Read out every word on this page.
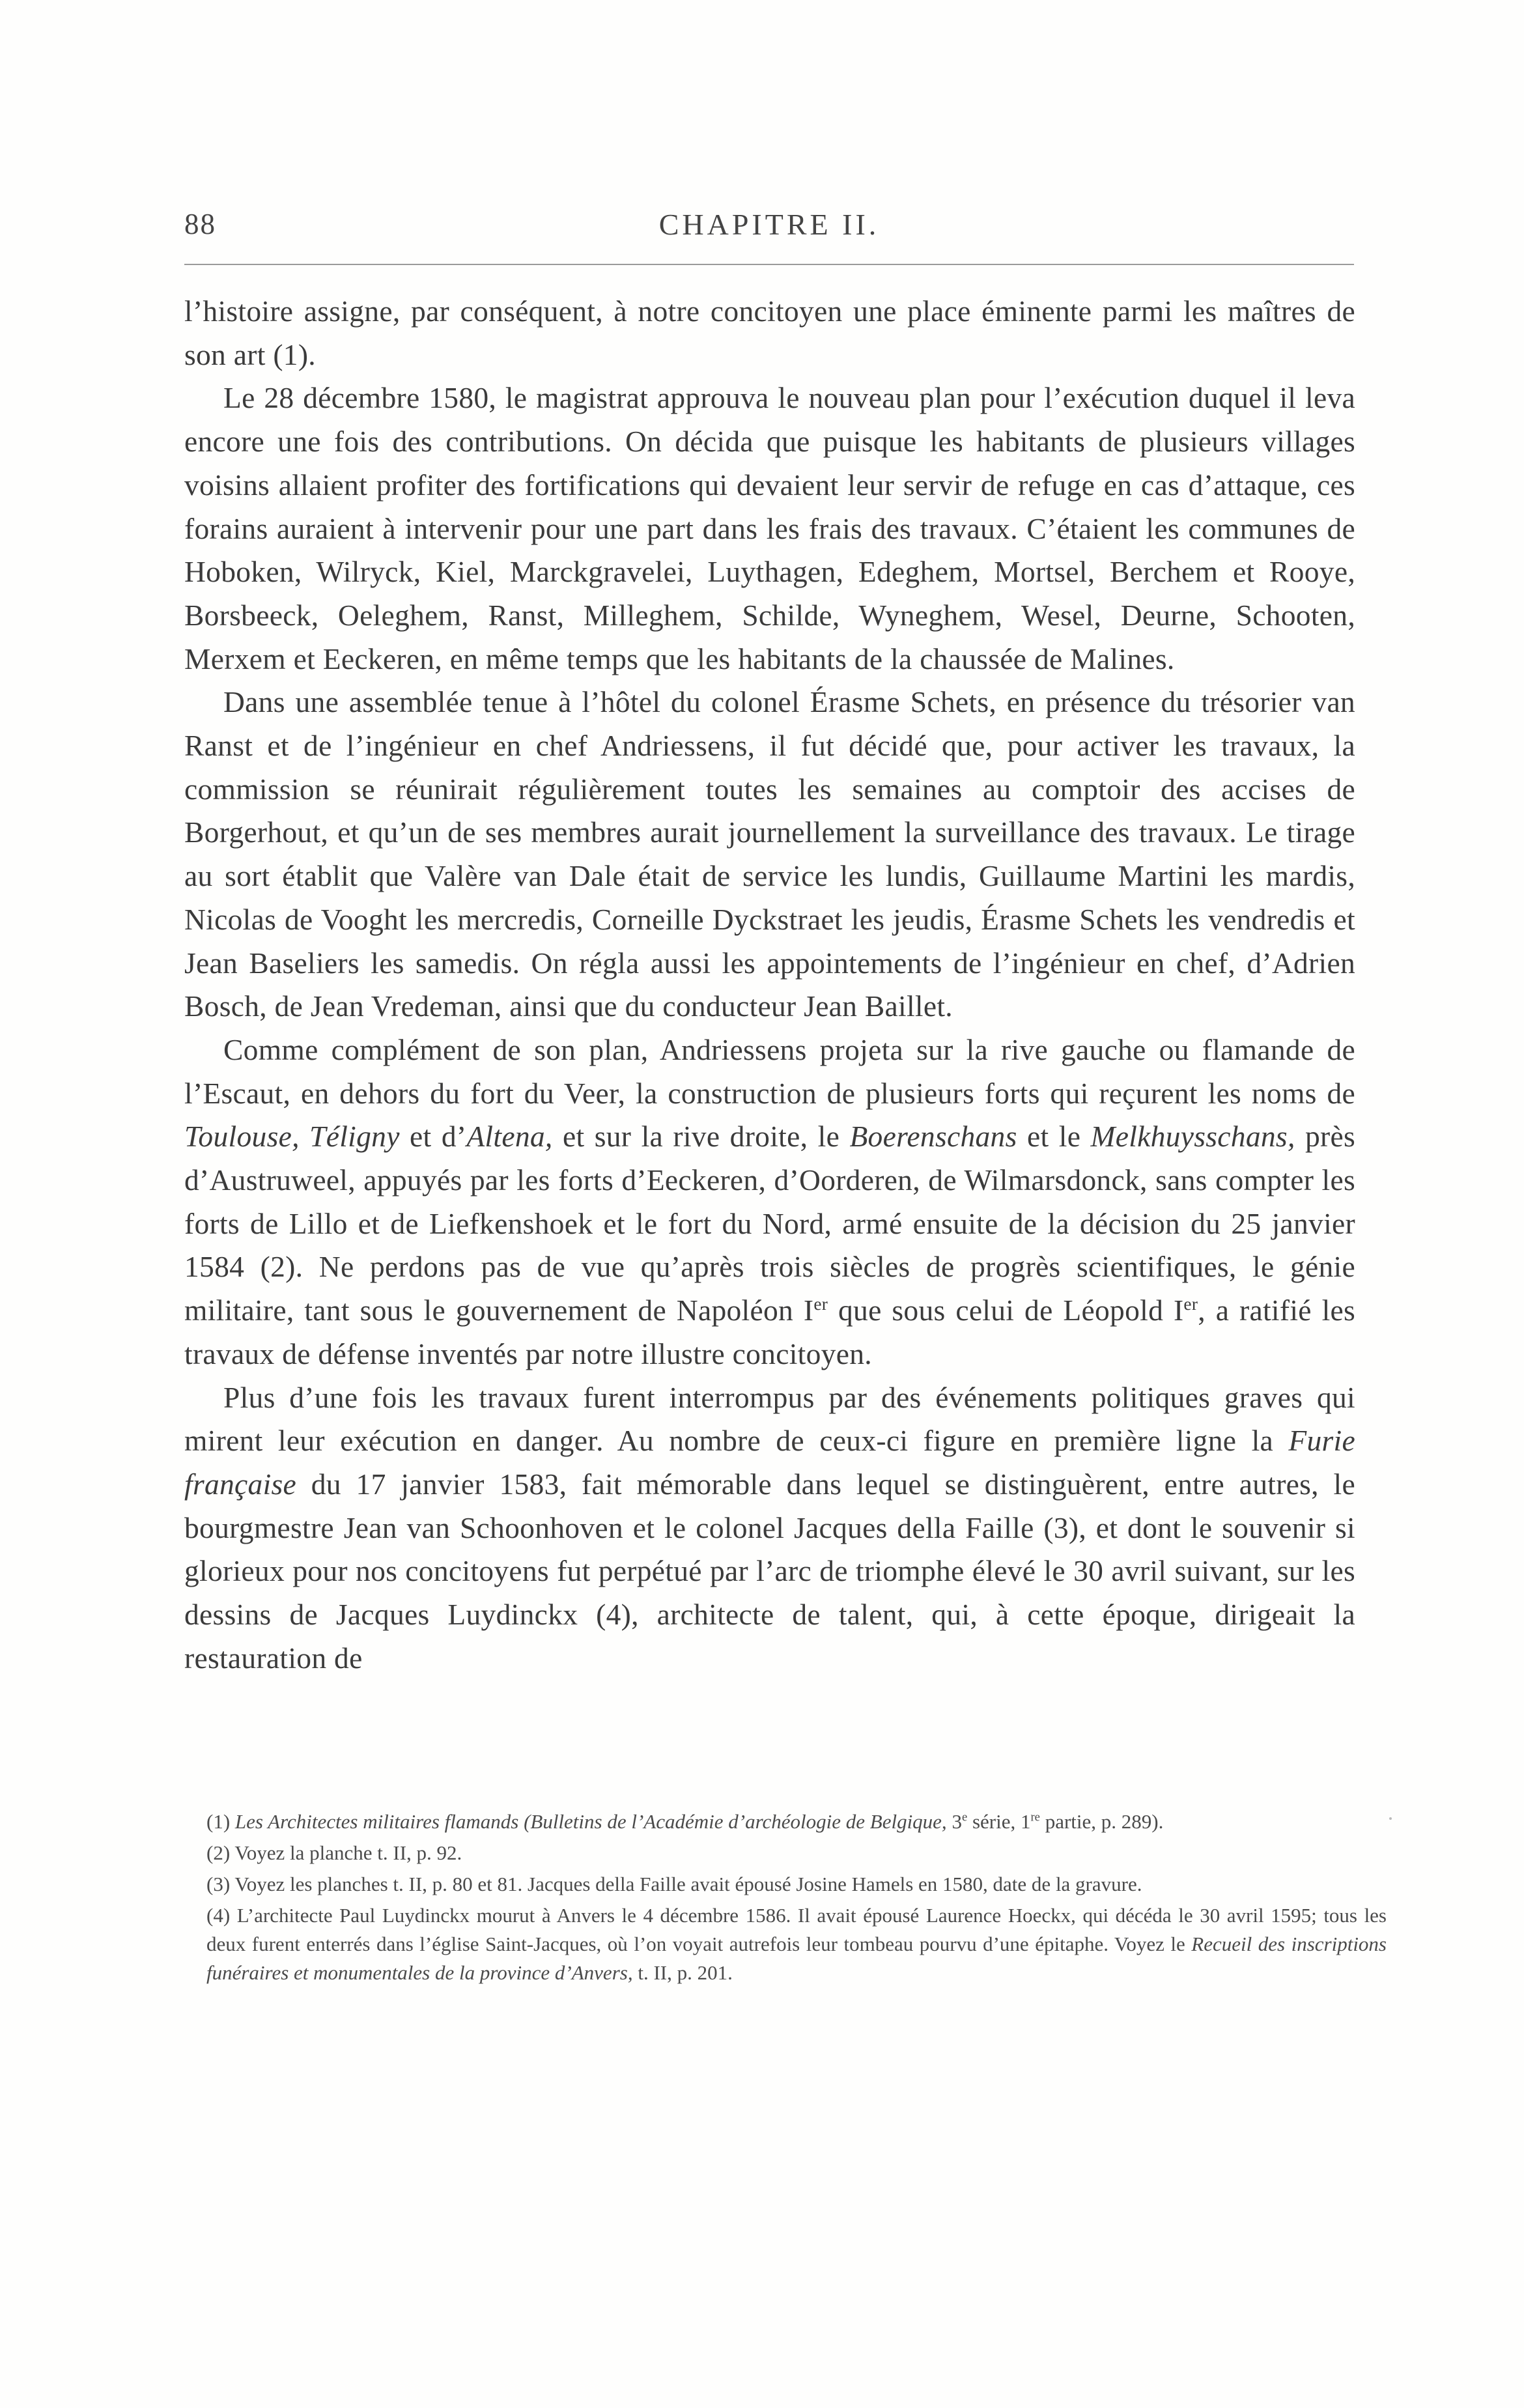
88	CHAPITRE II.

l’histoire assigne, par conséquent, à notre concitoyen une place éminente parmi les maîtres de son art (1).

Le 28 décembre 1580, le magistrat approuva le nouveau plan pour l’exécution duquel il leva encore une fois des contributions. On décida que puisque les habitants de plusieurs villages voisins allaient profiter des fortifications qui devaient leur servir de refuge en cas d’attaque, ces forains auraient à intervenir pour une part dans les frais des travaux. C’étaient les communes de Hoboken, Wilryck, Kiel, Marckgravelei, Luythagen, Edeghem, Mortsel, Berchem et Rooye, Borsbeeck, Oeleghem, Ranst, Milleghem, Schilde, Wyneghem, Wesel, Deurne, Schooten, Merxem et Eeckeren, en même temps que les habitants de la chaussée de Malines.

Dans une assemblée tenue à l’hôtel du colonel Érasme Schets, en présence du trésorier van Ranst et de l’ingénieur en chef Andriessens, il fut décidé que, pour activer les travaux, la commission se réunirait régulièrement toutes les semaines au comptoir des accises de Borgerhout, et qu’un de ses membres aurait journellement la surveillance des travaux. Le tirage au sort établit que Valère van Dale était de service les lundis, Guillaume Martini les mardis, Nicolas de Vooght les mercredis, Corneille Dyckstraet les jeudis, Érasme Schets les vendredis et Jean Baseliers les samedis. On régla aussi les appointements de l’ingénieur en chef, d’Adrien Bosch, de Jean Vredeman, ainsi que du conducteur Jean Baillet.

Comme complément de son plan, Andriessens projeta sur la rive gauche ou flamande de l’Escaut, en dehors du fort du Veer, la construction de plusieurs forts qui reçurent les noms de Toulouse, Téligny et d’Altena, et sur la rive droite, le Boerenschans et le Melkhuysschans, près d’Austruweel, appuyés par les forts d’Eeckeren, d’Oorderen, de Wilmarsdonck, sans compter les forts de Lillo et de Liefkenshoek et le fort du Nord, armé ensuite de la décision du 25 janvier 1584 (2). Ne perdons pas de vue qu’après trois siècles de progrès scientifiques, le génie militaire, tant sous le gouvernement de Napoléon Ier que sous celui de Léopold Ier, a ratifié les travaux de défense inventés par notre illustre concitoyen.

Plus d’une fois les travaux furent interrompus par des événements politiques graves qui mirent leur exécution en danger. Au nombre de ceux-ci figure en première ligne la Furie française du 17 janvier 1583, fait mémorable dans lequel se distinguèrent, entre autres, le bourgmestre Jean van Schoonhoven et le colonel Jacques della Faille (3), et dont le souvenir si glorieux pour nos concitoyens fut perpétué par l’arc de triomphe élevé le 30 avril suivant, sur les dessins de Jacques Luydinckx (4), architecte de talent, qui, à cette époque, dirigeait la restauration de

(1) Les Architectes militaires flamands (Bulletins de l’Académie d’archéologie de Belgique, 3e série, 1re partie, p. 289).

(2) Voyez la planche t. II, p. 92.

(3) Voyez les planches t. II, p. 80 et 81. Jacques della Faille avait épousé Josine Hamels en 1580, date de la gravure.

(4) L’architecte Paul Luydinckx mourut à Anvers le 4 décembre 1586. Il avait épousé Laurence Hoeckx, qui décéda le 30 avril 1595; tous les deux furent enterrés dans l’église Saint-Jacques, où l’on voyait autrefois leur tombeau pourvu d’une épitaphe. Voyez le Recueil des inscriptions funéraires et monumentales de la province d’Anvers, t. II, p. 201.
